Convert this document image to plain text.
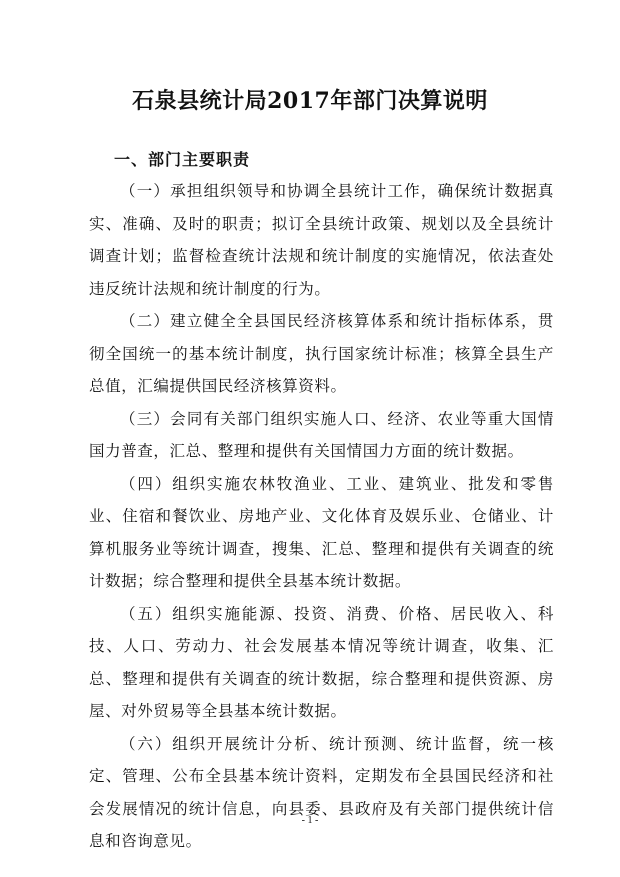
石泉县统计局2017年部门决算说明
一、部门主要职责

（一）承担组织领导和协调全县统计工作，确保统计数据真实、准确、及时的职责；拟订全县统计政策、规划以及全县统计调查计划；监督检查统计法规和统计制度的实施情况，依法查处违反统计法规和统计制度的行为。

（二）建立健全全县国民经济核算体系和统计指标体系，贯彻全国统一的基本统计制度，执行国家统计标准；核算全县生产总值，汇编提供国民经济核算资料。

（三）会同有关部门组织实施人口、经济、农业等重大国情国力普查，汇总、整理和提供有关国情国力方面的统计数据。

（四）组织实施农林牧渔业、工业、建筑业、批发和零售业、住宿和餐饮业、房地产业、文化体育及娱乐业、仓储业、计算机服务业等统计调查，搜集、汇总、整理和提供有关调查的统计数据；综合整理和提供全县基本统计数据。

（五）组织实施能源、投资、消费、价格、居民收入、科技、人口、劳动力、社会发展基本情况等统计调查，收集、汇总、整理和提供有关调查的统计数据，综合整理和提供资源、房屋、对外贸易等全县基本统计数据。

（六）组织开展统计分析、统计预测、统计监督，统一核定、管理、公布全县基本统计资料，定期发布全县国民经济和社会发展情况的统计信息，向县委、县政府及有关部门提供统计信息和咨询意见。

- 1 -
